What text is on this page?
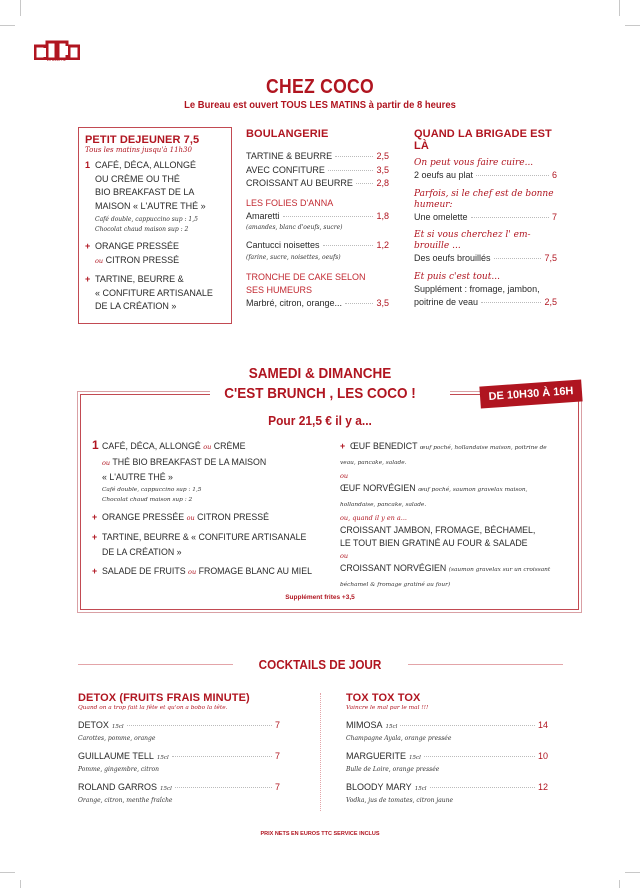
Brasserie
CHEZ COCO
Le Bureau est ouvert TOUS LES MATINS à partir de 8 heures
PETIT DEJEUNER 7,5
Tous les matins jusqu'à 11h30
1 CAFÉ, DÉCA, ALLONGÉ
OU CRÈME OU THÉ
BIO BREAKFAST DE LA
MAISON « L'AUTRE THÉ »
Café double, cappuccino sup : 1,5
Chocolat chaud maison sup : 2
+ ORANGE PRESSÉE
ou CITRON PRESSÉ
+ TARTINE, BEURRE &
« CONFITURE ARTISANALE
DE LA CRÉATION »
BOULANGERIE
TARTINE & BEURRE	2,5
AVEC CONFITURE	3,5
CROISSANT AU BEURRE	2,8
LES FOLIES D'ANNA
Amaretti	1,8
(amandes, blanc d'oeufs, sucre)
Cantucci noisettes	1,2
(farine, sucre, noisettes, oeufs)
TRONCHE DE CAKE SELON
SES HUMEURS
Marbré, citron, orange...	3,5
QUAND LA BRIGADE EST LÀ
On peut vous faire cuire...
2 oeufs au plat	6
Parfois, si le chef est de bonne humeur:
Une omelette	7
Et si vous cherchez l' em-brouille ...
Des oeufs brouillés	7,5
Et puis c'est tout...
Supplément : fromage, jambon,
poitrine de veau	2,5
SAMEDI & DIMANCHE
C'EST BRUNCH , LES COCO !	DE 10H30 À 16H
Pour 21,5 € il y a...
1 CAFÉ, DÉCA, ALLONGÉ ou CRÈME
ou THÉ BIO BREAKFAST DE LA MAISON
« L'AUTRE THÉ »
Café double, cappuccino sup : 1,5
Chocolat chaud maison sup : 2
+ ORANGE PRESSÉE ou CITRON PRESSÉ
+ TARTINE, BEURRE & « CONFITURE ARTISANALE
DE LA CRÉATION »
+ SALADE DE FRUITS ou FROMAGE BLANC AU MIEL
+ ŒUF BENEDICT œuf poché, hollandaise maison, poitrine de veau, pancake, salade.
ou
ŒUF NORVÉGIEN œuf poché, saumon gravelax maison, hollandaise, pancake, salade.
ou, quand il y en a...
CROISSANT JAMBON, FROMAGE, BÉCHAMEL,
LE TOUT BIEN GRATINÉ AU FOUR & SALADE
ou
CROISSANT NORVÉGIEN (saumon gravelax sur un croissant béchamel & fromage gratiné au four)
Supplément frites +3,5
COCKTAILS DE JOUR
DETOX (FRUITS FRAIS MINUTE)
Quand on a trop fait la fête et qu'on a bobo la tête.
DETOX 15cl	7
Carottes, pomme, orange
GUILLAUME TELL 15cl	7
Pomme, gingembre, citron
ROLAND GARROS 15cl	7
Orange, citron, menthe fraîche
TOX TOX TOX
Vaincre le mal par le mal !!!
MIMOSA 15cl	14
Champagne Ayala, orange pressée
MARGUERITE 15cl	10
Bulle de Loire, orange pressée
BLOODY MARY 15cl	12
Vodka, jus de tomates, citron jaune
PRIX NETS EN EUROS TTC SERVICE INCLUS
